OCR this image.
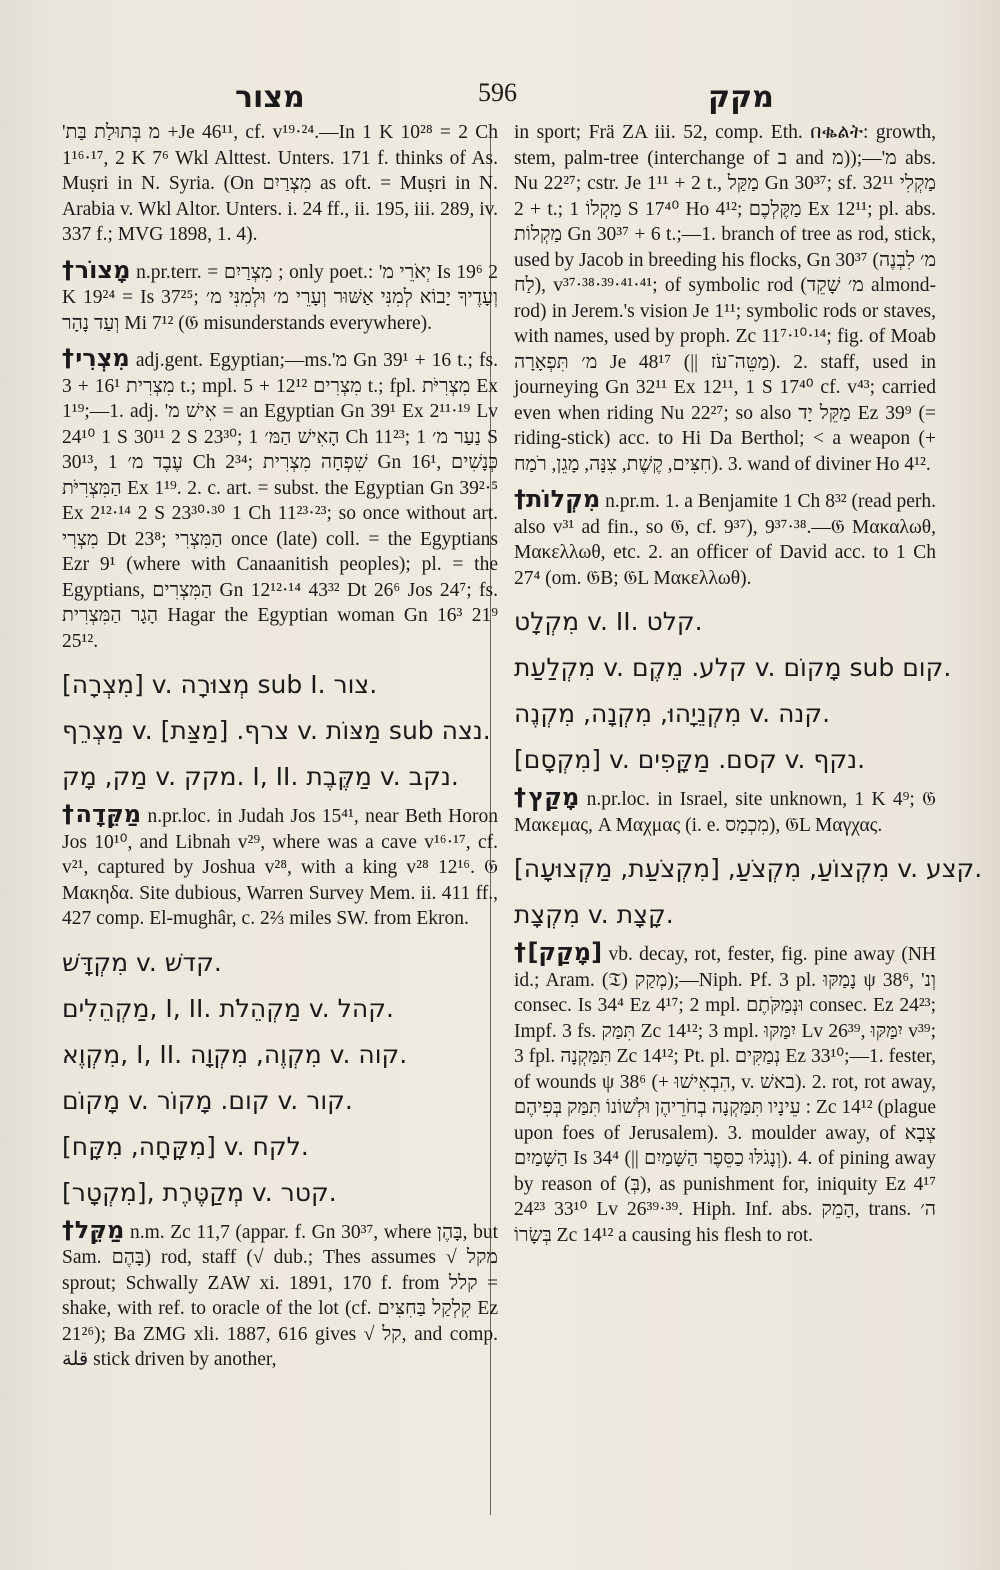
מצור	596	מקק

'מ בְּתוּלַת בַּת +Je 46¹¹, cf. v¹⁹·²⁴.—In 1 K 10²⁸ = 2 Ch 1¹⁶·¹⁷, 2 K 7⁶ Wkl Alttest. Unters. 171 f. thinks of As. Muṣri in N. Syria. (On מִצְרַיִם as oft. = Muṣri in N. Arabia v. Wkl Altor. Unters. i. 24 ff., ii. 195, iii. 289, iv. 337 f.; MVG 1898, 1. 4).

†מָצוֹר n.pr.terr. = מִצְרַיִם ; only poet.: 'יְאֹרֵי מ Is 19⁶ 2 K 19²⁴ = Is 37²⁵; וְעָדֶיךָ יָבוֹא לְמִנִּי אַשּׁוּר וְעָרֵי מ׳ וּלְמִנִּי מ׳ וְעַד נָהָר Mi 7¹² (𝔊 misunderstands everywhere).

†מִצְרִי adj.gent. Egyptian;—ms.'מ Gn 39¹ + 16 t.; fs. מִצְרִית 16¹ + 3 t.; mpl. מִצְרִים 12¹² + 5 t.; fpl. מִצְרִיֹּת Ex 1¹⁹;—1. adj. 'אִישׁ מ = an Egyptian Gn 39¹ Ex 2¹¹·¹⁹ Lv 24¹⁰ 1 S 30¹¹ 2 S 23³⁰; הָאִישׁ הַמּ׳ 1 Ch 11²³; נַעַר מ׳ 1 S 30¹³, עֶבֶד מ׳ 1 Ch 2³⁴; שִׁפְחָה מִצְרִית Gn 16¹, כְּנָשִׁים הַמִּצְרִיֹּת Ex 1¹⁹. 2. c. art. = subst. the Egyptian Gn 39²·⁵ Ex 2¹²·¹⁴ 2 S 23³⁰·³⁰ 1 Ch 11²³·²³; so once without art. מִצְרִי Dt 23⁸; הַמִּצְרִי once (late) coll. = the Egyptians Ezr 9¹ (where with Canaanitish peoples); pl. = the Egyptians, הַמִּצְרִים Gn 12¹²·¹⁴ 43³² Dt 26⁶ Jos 24⁷; fs. הָגָר הַמִּצְרִית Hagar the Egyptian woman Gn 16³ 21⁹ 25¹².

[מִצְרָה] v. מְצוּרָה sub I. צור.
מַצְרֵף v. צרף. [מַצַּת] v. מַצּוֹת sub נצה.
מַק, מָק v. מקק. I, II. מַקֶּבֶת v. נקב.

†מַקֵּדָה n.pr.loc. in Judah Jos 15⁴¹, near Beth Horon Jos 10¹⁰, and Libnah v²⁹, where was a cave v¹⁶·¹⁷, cf. v²¹, captured by Joshua v²⁸, with a king v²⁸ 12¹⁶. 𝔊 Μακηδα. Site dubious, Warren Survey Mem. ii. 411 ff., 427 comp. El-mughâr, c. 2⅔ miles SW. from Ekron.

מִקְדָּשׁ v. קדשׁ.
מַקְהֵלִים, I, II. מַקְהֵלֹת v. קהל.
מִקְוֶא, I, II. מִקְוֶה, מִקְוָה v. קוה.
מָקוֹם v. קום. מָקוֹר v. קור.
[מִקָּחָה, מִקָּח] v. לקח.
[מִקְטָר], מְקַטֶּרֶת v. קטר.

†מַקֵּל n.m. Zc 11,7 (appar. f. Gn 30³⁷, where בָּהֶן, but Sam. בָּהֶם) rod, staff (√ dub.; Thes assumes √ מקל sprout; Schwally ZAW xi. 1891, 170 f. from קלל = shake, with ref. to oracle of the lot (cf. קִלְקַל בַּחִצִּים Ez 21²⁶); Ba ZMG xli. 1887, 616 gives √ קל, and comp. قلة stick driven by another,

in sport; Frä ZA iii. 52, comp. Eth. በቈልት: growth, stem, palm-tree (interchange of ב and מ));—'מ abs. Nu 22²⁷; cstr. Je 1¹¹ + 2 t., מַקַּל Gn 30³⁷; sf. מַקְלִי 32¹¹ + 2 t.; מַקְלוֹ 1 S 17⁴⁰ Ho 4¹²; מַקֶּלְכֶם Ex 12¹¹; pl. abs. מַקְלוֹת Gn 30³⁷ + 6 t.;—1. branch of tree as rod, stick, used by Jacob in breeding his flocks, Gn 30³⁷ (מ׳ לִבְנֶה לַח), v³⁷·³⁸·³⁹·⁴¹·⁴¹; of symbolic rod (מ׳ שָׁקֵד almond-rod) in Jerem.'s vision Je 1¹¹; symbolic rods or staves, with names, used by proph. Zc 11⁷·¹⁰·¹⁴; fig. of Moab מ׳ תִּפְאָרָה Je 48¹⁷ (|| מַטֵּה־עֹז). 2. staff, used in journeying Gn 32¹¹ Ex 12¹¹, 1 S 17⁴⁰ cf. v⁴³; carried even when riding Nu 22²⁷; so also מַקֵּל יָד Ez 39⁹ (= riding-stick) acc. to Hi Da Berthol; < a weapon (+ חִצִּים, קֶשֶׁת, צִנָּה, מָגֵן, רֹמַח). 3. wand of diviner Ho 4¹².

†מִקְלוֹת n.pr.m. 1. a Benjamite 1 Ch 8³² (read perh. also v³¹ ad fin., so 𝔊, cf. 9³⁷), 9³⁷·³⁸.—𝔊 Μακαλωθ, Μακελλωθ, etc. 2. an officer of David acc. to 1 Ch 27⁴ (om. 𝔊B; 𝔊L Μακελλωθ).

מִקְלָט v. II. קלט.
מִקְלַעַת v. קלע. מֵקֶם v. מָקוֹם sub קום.
מִקְנֵיָהוּ, מִקְנָה, מִקְנֶה v. קנה.
[מִקְסָם] v. קסם. מַקָּפִים v. נקף.

†מָקַץ n.pr.loc. in Israel, site unknown, 1 K 4⁹; 𝔊 Μακεμας, A Μαχμας (i. e. מִכְמָס), 𝔊L Μαγχας.

מִקְצוֹעַ, מִקְצֹעַ, [מִקְצֹעַת, מַקְצוּעָה] v. קצע.
מִקְצָת v. קָצָת.

†[מָקַק] vb. decay, rot, fester, fig. pine away (NH id.; Aram. (𝔗) מְקַק);—Niph. Pf. 3 pl. נָמַקּוּ ψ 38⁶, 'וְנ consec. Is 34⁴ Ez 4¹⁷; 2 mpl. וּנְמַקֹּתֶם consec. Ez 24²³; Impf. 3 fs. תִּמַּק Zc 14¹²; 3 mpl. יִמַּקּוּ Lv 26³⁹, יִמַּקּוּ v³⁹; 3 fpl. תִּמַּקְנָה Zc 14¹²; Pt. pl. נְמַקִּים Ez 33¹⁰;—1. fester, of wounds ψ 38⁶ (+ הִבְאִישׁוּ, v. באשׁ). 2. rot, rot away, עֵינָיו תִּמַּקְנָה בְחֹרֵיהֶן וּלְשׁוֹנוֹ תִּמַּק בְּפִיהֶם : Zc 14¹² (plague upon foes of Jerusalem). 3. moulder away, of צְבָא הַשָּׁמַיִם Is 34⁴ (|| וְנָגֹלּוּ כַסֵּפֶר הַשָּׁמַיִם). 4. of pining away by reason of (בְּ), as punishment for, iniquity Ez 4¹⁷ 24²³ 33¹⁰ Lv 26³⁹·³⁹. Hiph. Inf. abs. הָמֵק, trans. ה׳ בְּשָׂרוֹ Zc 14¹² a causing his flesh to rot.
